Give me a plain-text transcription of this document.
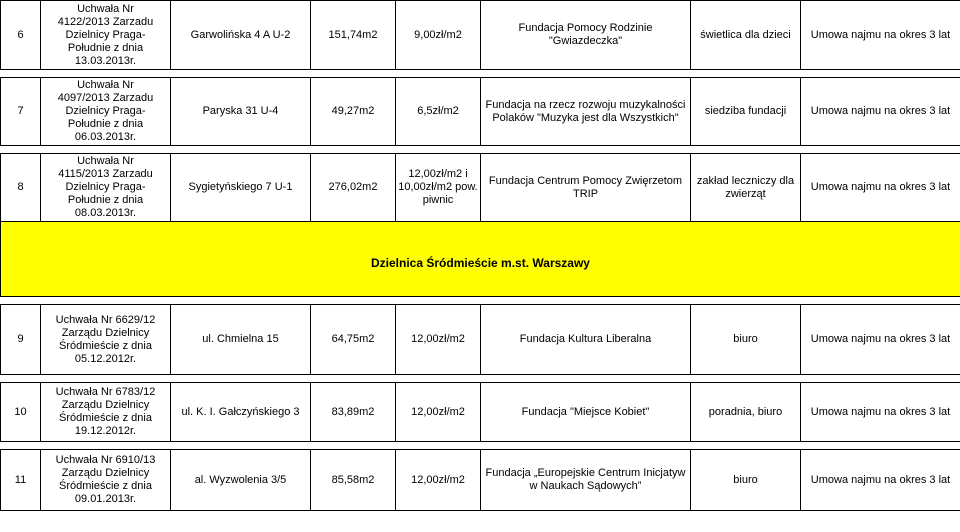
6	Uchwała Nr
4122/2013 Zarzadu
Dzielnicy Praga-
Południe z dnia
13.03.2013r.	Garwolińska 4 A U-2	151,74m2	9,00zł/m2	Fundacja Pomocy Rodzinie "Gwiazdeczka"	świetlica dla dzieci	Umowa najmu na okres 3 lat

7	Uchwała Nr
4097/2013 Zarzadu
Dzielnicy Praga-
Południe z dnia
06.03.2013r.	Paryska 31 U-4	49,27m2	6,5zł/m2	Fundacja na rzecz rozwoju muzykalności Polaków "Muzyka jest dla Wszystkich"	siedziba fundacji	Umowa najmu na okres 3 lat

8	Uchwała Nr
4115/2013 Zarzadu
Dzielnicy Praga-
Południe z dnia
08.03.2013r.	Sygietyńskiego 7 U-1	276,02m2	12,00zł/m2 i 10,00zł/m2 pow. piwnic	Fundacja Centrum Pomocy Zwięrzetom TRIP	zakład leczniczy dla zwierząt	Umowa najmu na okres 3 lat
Dzielnica Śródmieście m.st. Warszawy							

9	Uchwała Nr 6629/12
Zarządu Dzielnicy
Śródmieście z dnia
05.12.2012r.	ul. Chmielna 15	64,75m2	12,00zł/m2	Fundacja Kultura Liberalna	biuro	Umowa najmu na okres 3 lat

10	Uchwała Nr 6783/12
Zarządu Dzielnicy
Śródmieście z dnia
19.12.2012r.	ul. K. I. Gałczyńskiego 3	83,89m2	12,00zł/m2	Fundacja "Miejsce Kobiet"	poradnia, biuro	Umowa najmu na okres 3 lat

11	Uchwała Nr 6910/13
Zarządu Dzielnicy
Śródmieście z dnia
09.01.2013r.	al. Wyzwolenia 3/5	85,58m2	12,00zł/m2	Fundacja „Europejskie Centrum Inicjatyw w Naukach Sądowych”	biuro	Umowa najmu na okres 3 lat
